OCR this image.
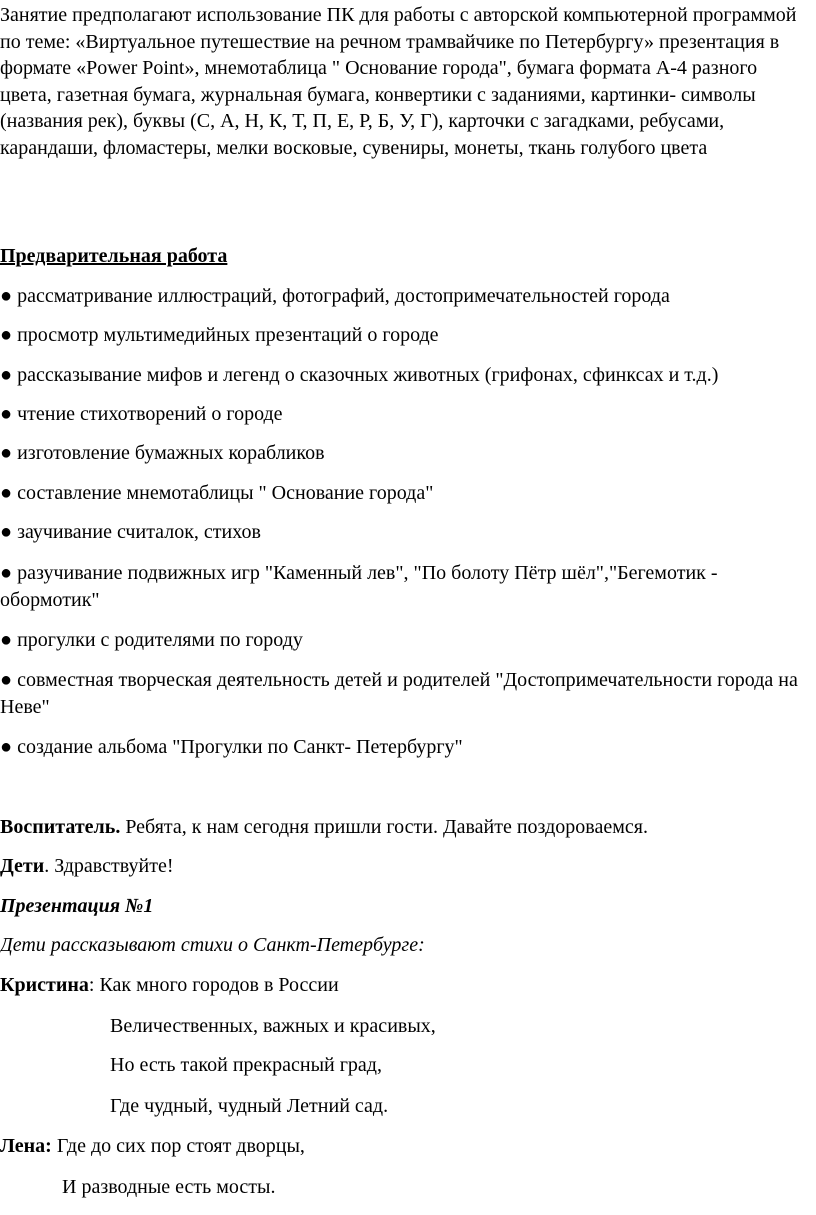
Занятие предполагают использование ПК для работы с авторской компьютерной программой по теме: «Виртуальное путешествие на речном трамвайчике по Петербургу» презентация в формате «Power Point», мнемотаблица " Основание города", бумага формата А-4 разного цвета, газетная бумага, журнальная бумага, конвертики с заданиями, картинки- символы (названия рек), буквы (С, А, Н, К, Т, П, Е, Р, Б, У, Г), карточки с загадками, ребусами, карандаши, фломастеры, мелки восковые, сувениры, монеты, ткань голубого цвета

Предварительная работа

● рассматривание иллюстраций, фотографий, достопримечательностей города

● просмотр мультимедийных презентаций о городе

● рассказывание мифов и легенд о сказочных животных (грифонах, сфинксах и т.д.)

● чтение стихотворений о городе

● изготовление бумажных корабликов

● составление мнемотаблицы " Основание города"

● заучивание считалок, стихов

● разучивание подвижных игр "Каменный лев", "По болоту Пётр шёл","Бегемотик - обормотик"

● прогулки с родителями по городу

● совместная творческая деятельность детей и родителей "Достопримечательности города на Неве"

● создание альбома "Прогулки по Санкт- Петербургу"

Воспитатель. Ребята, к нам сегодня пришли гости. Давайте поздороваемся.

Дети. Здравствуйте!

Презентация №1

Дети рассказывают стихи о Санкт-Петербурге:

Кристина: Как много городов в России

Величественных, важных и красивых,

Но есть такой прекрасный град,

Где чудный, чудный Летний сад.

Лена: Где до сих пор стоят дворцы,

И разводные есть мосты.
